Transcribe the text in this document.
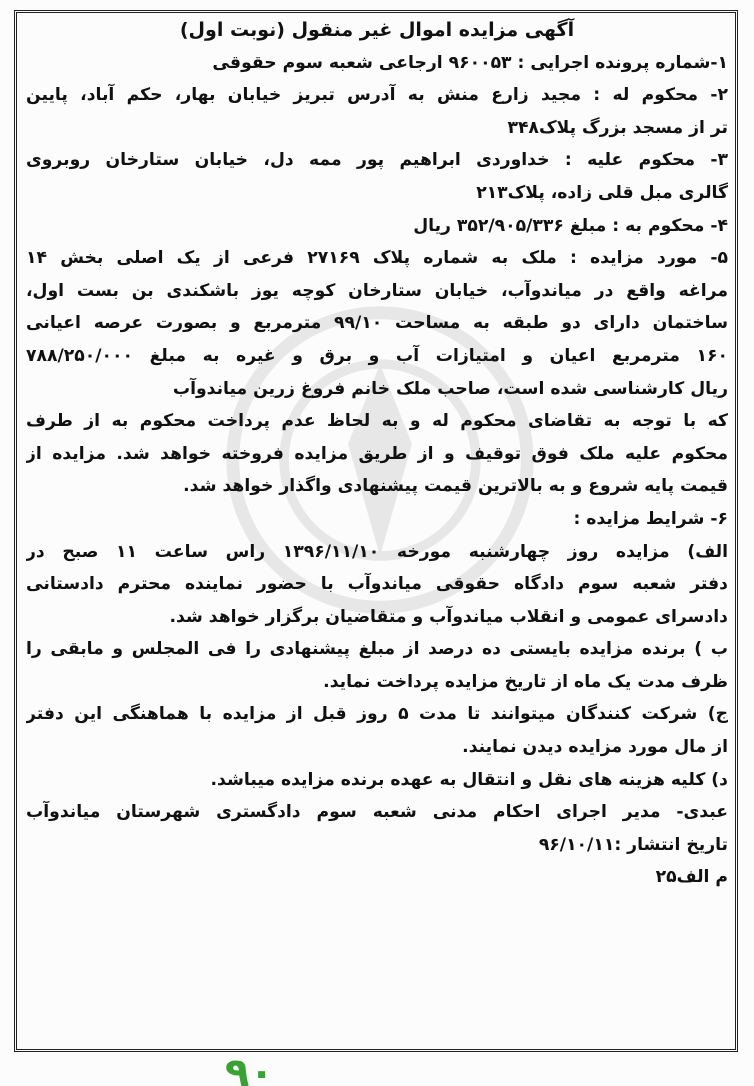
آگهی مزایده اموال غیر منقول (نوبت اول)
۱-شماره پرونده اجرایی : ۹۶۰۰۵۳ ارجاعی شعبه سوم حقوقی
۲- محکوم له : مجید زارع منش به آدرس تبریز خیابان بهار، حکم آباد، پایین
تر از مسجد بزرگ پلاک۳۴۸
۳- محکوم علیه : خداوردی ابراهیم پور ممه دل، خیابان ستارخان روبروی
گالری مبل قلی زاده، پلاک۲۱۳
۴- محکوم به : مبلغ ۳۵۲/۹۰۵/۳۳۶ ریال
۵- مورد مزایده : ملک به شماره پلاک ۲۷۱۶۹ فرعی از یک اصلی بخش ۱۴
مراغه واقع در میاندوآب، خیابان ستارخان کوچه یوز باشکندی بن بست اول،
ساختمان دارای دو طبقه به مساحت ۹۹/۱۰ مترمربع و بصورت عرصه اعیانی
۱۶۰ مترمربع اعیان و امتیازات آب و برق و غیره به مبلغ ۷۸۸/۲۵۰/۰۰۰
ریال کارشناسی شده است، صاحب ملک خانم فروغ زرین میاندوآب
که با توجه به تقاضای محکوم له و به لحاظ عدم پرداخت محکوم به از طرف
محکوم علیه ملک فوق توقیف و از طریق مزایده فروخته خواهد شد. مزایده از
قیمت پایه شروع و به بالاترین قیمت پیشنهادی واگذار خواهد شد.
۶- شرایط مزایده :
الف) مزایده روز چهارشنبه مورخه ۱۳۹۶/۱۱/۱۰ راس ساعت ۱۱ صبح در
دفتر شعبه سوم دادگاه حقوقی میاندوآب با حضور نماینده محترم دادستانی
دادسرای عمومی و انقلاب میاندوآب و متقاضیان برگزار خواهد شد.
ب ) برنده مزایده بایستی ده درصد از مبلغ پیشنهادی را فی المجلس و مابقی را
ظرف مدت یک ماه از تاریخ مزایده پرداخت نماید.
ج) شرکت کنندگان میتوانند تا مدت ۵ روز قبل از مزایده با هماهنگی این دفتر
از مال مورد مزایده دیدن نمایند.
د) کلیه هزینه های نقل و انتقال به عهده برنده مزایده میباشد.
عبدی- مدیر اجرای احکام مدنی شعبه سوم دادگستری شهرستان میاندوآب
تاریخ انتشار :۹۶/۱۰/۱۱
م الف۲۵
۹۰
